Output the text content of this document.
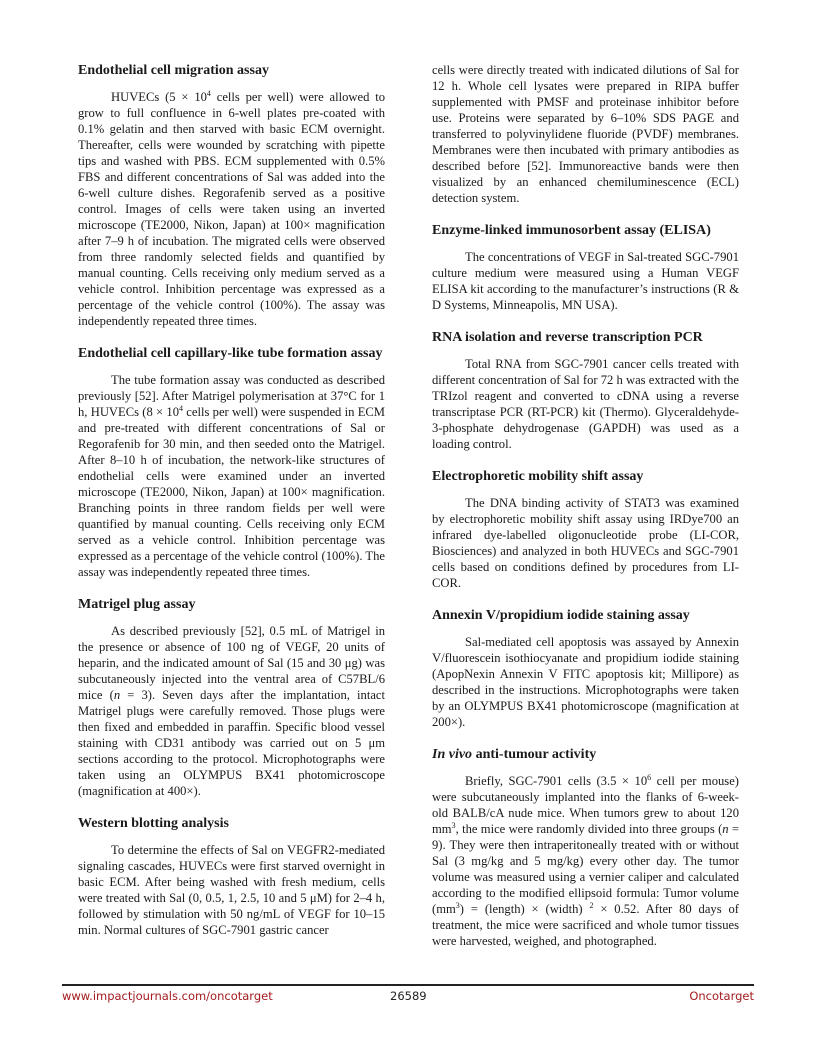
Endothelial cell migration assay

HUVECs ($5 \times 10^4$ cells per well) were allowed to grow to full confluence in 6-well plates pre-coated with 0.1% gelatin and then starved with basic ECM overnight. Thereafter, cells were wounded by scratching with pipette tips and washed with PBS. ECM supplemented with 0.5% FBS and different concentrations of Sal was added into the 6-well culture dishes. Regorafenib served as a positive control. Images of cells were taken using an inverted microscope (TE2000, Nikon, Japan) at 100× magnification after 7–9 h of incubation. The migrated cells were observed from three randomly selected fields and quantified by manual counting. Cells receiving only medium served as a vehicle control. Inhibition percentage was expressed as a percentage of the vehicle control (100%). The assay was independently repeated three times.

Endothelial cell capillary-like tube formation assay

The tube formation assay was conducted as described previously [52]. After Matrigel polymerisation at 37°C for 1 h, HUVECs ($8 \times 10^4$ cells per well) were suspended in ECM and pre-treated with different concentrations of Sal or Regorafenib for 30 min, and then seeded onto the Matrigel. After 8–10 h of incubation, the network-like structures of endothelial cells were examined under an inverted microscope (TE2000, Nikon, Japan) at 100× magnification. Branching points in three random fields per well were quantified by manual counting. Cells receiving only ECM served as a vehicle control. Inhibition percentage was expressed as a percentage of the vehicle control (100%). The assay was independently repeated three times.

Matrigel plug assay

As described previously [52], 0.5 mL of Matrigel in the presence or absence of 100 ng of VEGF, 20 units of heparin, and the indicated amount of Sal (15 and 30 μg) was subcutaneously injected into the ventral area of C57BL/6 mice (n = 3). Seven days after the implantation, intact Matrigel plugs were carefully removed. Those plugs were then fixed and embedded in paraffin. Specific blood vessel staining with CD31 antibody was carried out on 5 μm sections according to the protocol. Microphotographs were taken using an OLYMPUS BX41 photomicroscope (magnification at 400×).

Western blotting analysis

To determine the effects of Sal on VEGFR2-mediated signaling cascades, HUVECs were first starved overnight in basic ECM. After being washed with fresh medium, cells were treated with Sal (0, 0.5, 1, 2.5, 10 and 5 μM) for 2–4 h, followed by stimulation with 50 ng/mL of VEGF for 10–15 min. Normal cultures of SGC-7901 gastric cancer

cells were directly treated with indicated dilutions of Sal for 12 h. Whole cell lysates were prepared in RIPA buffer supplemented with PMSF and proteinase inhibitor before use. Proteins were separated by 6–10% SDS PAGE and transferred to polyvinylidene fluoride (PVDF) membranes. Membranes were then incubated with primary antibodies as described before [52]. Immunoreactive bands were then visualized by an enhanced chemiluminescence (ECL) detection system.

Enzyme-linked immunosorbent assay (ELISA)

The concentrations of VEGF in Sal-treated SGC-7901 culture medium were measured using a Human VEGF ELISA kit according to the manufacturer’s instructions (R & D Systems, Minneapolis, MN USA).

RNA isolation and reverse transcription PCR

Total RNA from SGC-7901 cancer cells treated with different concentration of Sal for 72 h was extracted with the TRIzol reagent and converted to cDNA using a reverse transcriptase PCR (RT-PCR) kit (Thermo). Glyceraldehyde-3-phosphate dehydrogenase (GAPDH) was used as a loading control.

Electrophoretic mobility shift assay

The DNA binding activity of STAT3 was examined by electrophoretic mobility shift assay using IRDye700 an infrared dye-labelled oligonucleotide probe (LI-COR, Biosciences) and analyzed in both HUVECs and SGC-7901 cells based on conditions defined by procedures from LI-COR.

Annexin V/propidium iodide staining assay

Sal-mediated cell apoptosis was assayed by Annexin V/fluorescein isothiocyanate and propidium iodide staining (ApopNexin Annexin V FITC apoptosis kit; Millipore) as described in the instructions. Microphotographs were taken by an OLYMPUS BX41 photomicroscope (magnification at 200×).

In vivo anti-tumour activity

Briefly, SGC-7901 cells ($3.5 \times 10^6$ cell per mouse) were subcutaneously implanted into the flanks of 6-week-old BALB/cA nude mice. When tumors grew to about 120 $mm^3$, the mice were randomly divided into three groups (n = 9). They were then intraperitoneally treated with or without Sal (3 mg/kg and 5 mg/kg) every other day. The tumor volume was measured using a vernier caliper and calculated according to the modified ellipsoid formula: Tumor volume $(mm^3)$ = (length) × (width) $^2$ × 0.52. After 80 days of treatment, the mice were sacrificed and whole tumor tissues were harvested, weighed, and photographed.

www.impactjournals.com/oncotarget	26589	Oncotarget
